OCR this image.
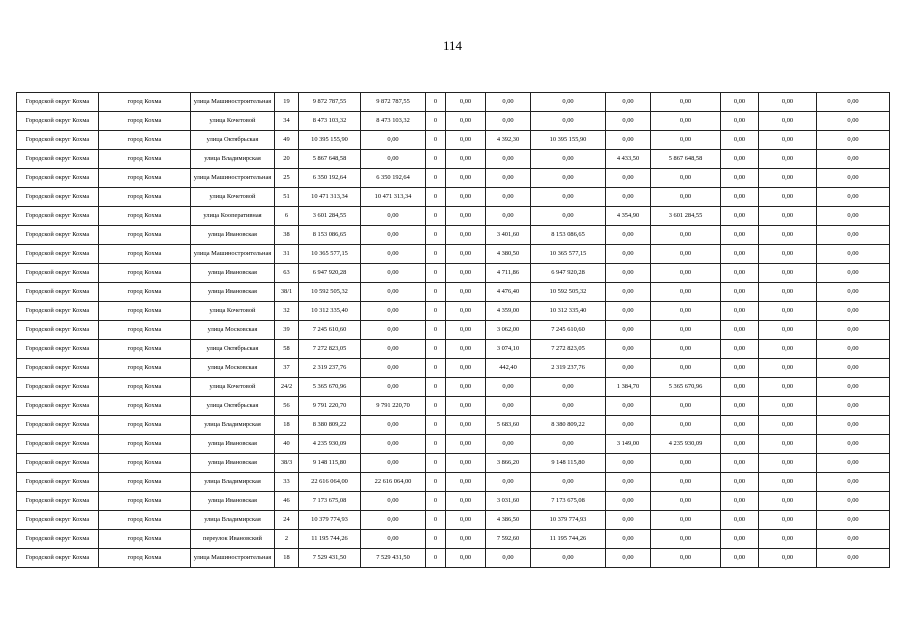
114
Городской округ Кохма	город Кохма	улица Машиностроительная	19	9 872 787,55	9 872 787,55	0	0,00	0,00	0,00	0,00	0,00	0,00	0,00	0,00
Городской округ Кохма	город Кохма	улица Кочетовой	34	8 473 103,32	8 473 103,32	0	0,00	0,00	0,00	0,00	0,00	0,00	0,00	0,00
Городской округ Кохма	город Кохма	улица Октябрьская	49	10 395 155,90	0,00	0	0,00	4 392,30	10 395 155,90	0,00	0,00	0,00	0,00	0,00
Городской округ Кохма	город Кохма	улица Владимирская	20	5 867 648,58	0,00	0	0,00	0,00	0,00	4 433,50	5 867 648,58	0,00	0,00	0,00
Городской округ Кохма	город Кохма	улица Машиностроительная	25	6 350 192,64	6 350 192,64	0	0,00	0,00	0,00	0,00	0,00	0,00	0,00	0,00
Городской округ Кохма	город Кохма	улица Кочетовой	51	10 471 313,34	10 471 313,34	0	0,00	0,00	0,00	0,00	0,00	0,00	0,00	0,00
Городской округ Кохма	город Кохма	улица Кооперативная	6	3 601 284,55	0,00	0	0,00	0,00	0,00	4 354,90	3 601 284,55	0,00	0,00	0,00
Городской округ Кохма	город Кохма	улица Ивановская	38	8 153 086,65	0,00	0	0,00	3 401,60	8 153 086,65	0,00	0,00	0,00	0,00	0,00
Городской округ Кохма	город Кохма	улица Машиностроительная	31	10 365 577,15	0,00	0	0,00	4 380,50	10 365 577,15	0,00	0,00	0,00	0,00	0,00
Городской округ Кохма	город Кохма	улица Ивановская	63	6 947 920,28	0,00	0	0,00	4 711,86	6 947 920,28	0,00	0,00	0,00	0,00	0,00
Городской округ Кохма	город Кохма	улица Ивановская	38/1	10 592 505,32	0,00	0	0,00	4 476,40	10 592 505,32	0,00	0,00	0,00	0,00	0,00
Городской округ Кохма	город Кохма	улица Кочетовой	32	10 312 335,40	0,00	0	0,00	4 359,00	10 312 335,40	0,00	0,00	0,00	0,00	0,00
Городской округ Кохма	город Кохма	улица Московская	39	7 245 610,60	0,00	0	0,00	3 062,00	7 245 610,60	0,00	0,00	0,00	0,00	0,00
Городской округ Кохма	город Кохма	улица Октябрьская	58	7 272 823,05	0,00	0	0,00	3 074,10	7 272 823,05	0,00	0,00	0,00	0,00	0,00
Городской округ Кохма	город Кохма	улица Московская	37	2 319 237,76	0,00	0	0,00	442,40	2 319 237,76	0,00	0,00	0,00	0,00	0,00
Городской округ Кохма	город Кохма	улица Кочетовой	24/2	5 365 670,96	0,00	0	0,00	0,00	0,00	1 384,70	5 365 670,96	0,00	0,00	0,00
Городской округ Кохма	город Кохма	улица Октябрьская	56	9 791 220,70	9 791 220,70	0	0,00	0,00	0,00	0,00	0,00	0,00	0,00	0,00
Городской округ Кохма	город Кохма	улица Владимирская	18	8 380 809,22	0,00	0	0,00	5 683,60	8 380 809,22	0,00	0,00	0,00	0,00	0,00
Городской округ Кохма	город Кохма	улица Ивановская	40	4 235 930,09	0,00	0	0,00	0,00	0,00	3 149,00	4 235 930,09	0,00	0,00	0,00
Городской округ Кохма	город Кохма	улица Ивановская	38/3	9 148 115,80	0,00	0	0,00	3 866,20	9 148 115,80	0,00	0,00	0,00	0,00	0,00
Городской округ Кохма	город Кохма	улица Владимирская	33	22 616 064,00	22 616 064,00	0	0,00	0,00	0,00	0,00	0,00	0,00	0,00	0,00
Городской округ Кохма	город Кохма	улица Ивановская	46	7 173 675,08	0,00	0	0,00	3 031,60	7 173 675,08	0,00	0,00	0,00	0,00	0,00
Городской округ Кохма	город Кохма	улица Владимирская	24	10 379 774,93	0,00	0	0,00	4 386,50	10 379 774,93	0,00	0,00	0,00	0,00	0,00
Городской округ Кохма	город Кохма	переулок Ивановский	2	11 195 744,26	0,00	0	0,00	7 592,60	11 195 744,26	0,00	0,00	0,00	0,00	0,00
Городской округ Кохма	город Кохма	улица Машиностроительная	18	7 529 431,50	7 529 431,50	0	0,00	0,00	0,00	0,00	0,00	0,00	0,00	0,00
